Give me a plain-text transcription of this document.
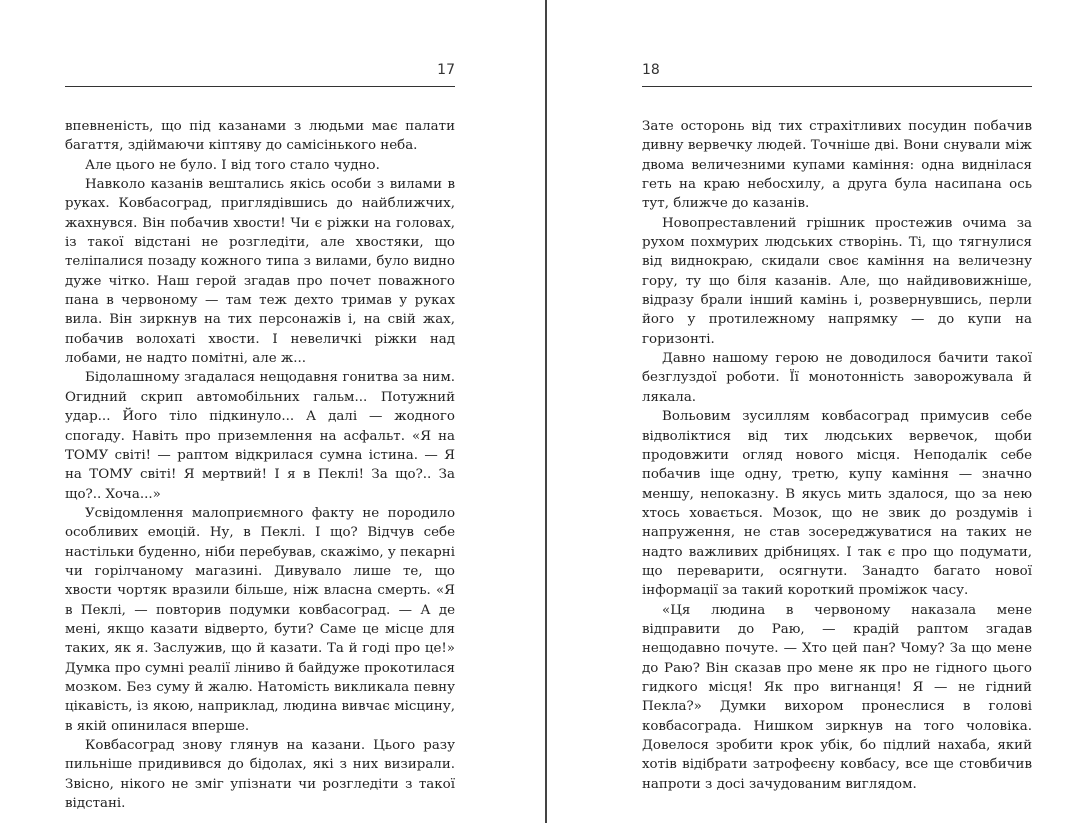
17

впевненість, що під казанами з людьми має палати багаття, здіймаючи кіптяву до самісінького неба.

Але цього не було. І від того стало чудно.

Навколо казанів вештались якісь особи з вилами в руках. Ковбасоград, приглядівшись до найближчих, жахнувся. Він побачив хвости! Чи є ріжки на головах, із такої відстані не розгледіти, але хвостяки, що теліпалися позаду кожного типа з вилами, було видно дуже чітко. Наш герой згадав про почет поважного пана в червоному — там теж дехто тримав у руках вила. Він зиркнув на тих персонажів і, на свій жах, побачив волохаті хвости. І невеличкі ріжки над лобами, не надто помітні, але ж...

Бідолашному згадалася нещодавня гонитва за ним. Огидний скрип автомобільних гальм... Потужний удар... Його тіло підкинуло... А далі — жодного спогаду. Навіть про приземлення на асфальт. «Я на ТОМУ світі! — раптом відкрилася сумна істина. — Я на ТОМУ світі! Я мертвий! І я в Пеклі! За що?.. За що?.. Хоча...»

Усвідомлення малоприємного факту не породило особливих емоцій. Ну, в Пеклі. І що? Відчув себе настільки буденно, ніби перебував, скажімо, у пекарні чи горілчаному магазині. Дивувало лише те, що хвости чортяк вразили більше, ніж власна смерть. «Я в Пеклі, — повторив подумки ковбасоград. — А де мені, якщо казати відверто, бути? Саме це місце для таких, як я. Заслужив, що й казати. Та й годі про це!» Думка про сумні реалії ліниво й байдуже прокотилася мозком. Без суму й жалю. Натомість викликала певну цікавість, із якою, наприклад, людина вивчає місцину, в якій опинилася вперше.

Ковбасоград знову глянув на казани. Цього разу пильніше придивився до бідолах, які з них визирали. Звісно, нікого не зміг упізнати чи розгледіти з такої відстані.

18

Зате осторонь від тих страхітливих посудин побачив дивну вервечку людей. Точніше дві. Вони снували між двома величезними купами каміння: одна виднілася геть на краю небосхилу, а друга була насипана ось тут, ближче до казанів.

Новопреставлений грішник простежив очима за рухом похмурих людських створінь. Ті, що тягнулися від виднокраю, скидали своє каміння на величезну гору, ту що біля казанів. Але, що найдивовижніше, відразу брали інший камінь і, розвернувшись, перли його у протилежному напрямку — до купи на горизонті.

Давно нашому герою не доводилося бачити такої безглуздої роботи. Її монотонність заворожувала й лякала.

Вольовим зусиллям ковбасоград примусив себе відволіктися від тих людських вервечок, щоби продовжити огляд нового місця. Неподалік себе побачив іще одну, третю, купу каміння — значно меншу, непоказну. В якусь мить здалося, що за нею хтось ховається. Мозок, що не звик до роздумів і напруження, не став зосереджуватися на таких не надто важливих дрібницях. І так є про що подумати, що переварити, осягнути. Занадто багато нової інформації за такий короткий проміжок часу.

«Ця людина в червоному наказала мене відправити до Раю, — крадій раптом згадав нещодавно почуте. — Хто цей пан? Чому? За що мене до Раю? Він сказав про мене як про не гідного цього гидкого місця! Як про вигнанця! Я — не гідний Пекла?» Думки вихором пронеслися в голові ковбасограда. Нишком зиркнув на того чоловіка. Довелося зробити крок убік, бо підлий нахаба, який хотів відібрати затрофеєну ковбасу, все ще стовбичив напроти з досі зачудованим виглядом.
